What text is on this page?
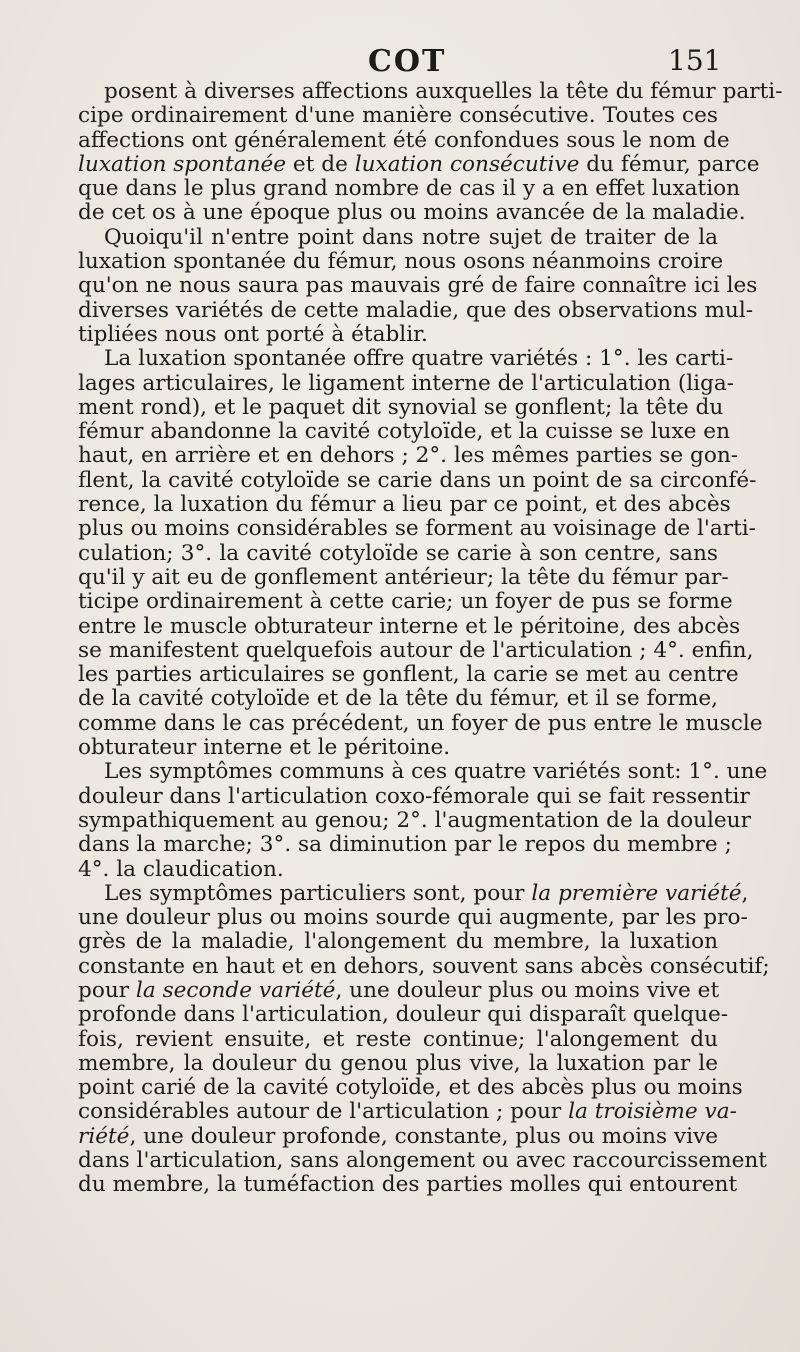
COT	151
posent à diverses affections auxquelles la tête du fémur parti-
cipe ordinairement d'une manière consécutive. Toutes ces
affections ont généralement été confondues sous le nom de
luxation spontanée et de luxation consécutive du fémur, parce
que dans le plus grand nombre de cas il y a en effet luxation
de cet os à une époque plus ou moins avancée de la maladie.
Quoiqu'il n'entre point dans notre sujet de traiter de la
luxation spontanée du fémur, nous osons néanmoins croire
qu'on ne nous saura pas mauvais gré de faire connaître ici les
diverses variétés de cette maladie, que des observations mul-
tipliées nous ont porté à établir.
La luxation spontanée offre quatre variétés : 1°. les carti-
lages articulaires, le ligament interne de l'articulation (liga-
ment rond), et le paquet dit synovial se gonflent; la tête du
fémur abandonne la cavité cotyloïde, et la cuisse se luxe en
haut, en arrière et en dehors ; 2°. les mêmes parties se gon-
flent, la cavité cotyloïde se carie dans un point de sa circonfé-
rence, la luxation du fémur a lieu par ce point, et des abcès
plus ou moins considérables se forment au voisinage de l'arti-
culation; 3°. la cavité cotyloïde se carie à son centre, sans
qu'il y ait eu de gonflement antérieur; la tête du fémur par-
ticipe ordinairement à cette carie; un foyer de pus se forme
entre le muscle obturateur interne et le péritoine, des abcès
se manifestent quelquefois autour de l'articulation ; 4°. enfin,
les parties articulaires se gonflent, la carie se met au centre
de la cavité cotyloïde et de la tête du fémur, et il se forme,
comme dans le cas précédent, un foyer de pus entre le muscle
obturateur interne et le péritoine.
Les symptômes communs à ces quatre variétés sont: 1°. une
douleur dans l'articulation coxo-fémorale qui se fait ressentir
sympathiquement au genou; 2°. l'augmentation de la douleur
dans la marche; 3°. sa diminution par le repos du membre ;
4°. la claudication.
Les symptômes particuliers sont, pour la première variété,
une douleur plus ou moins sourde qui augmente, par les pro-
grès de la maladie, l'alongement du membre, la luxation
constante en haut et en dehors, souvent sans abcès consécutif;
pour la seconde variété, une douleur plus ou moins vive et
profonde dans l'articulation, douleur qui disparaît quelque-
fois, revient ensuite, et reste continue; l'alongement du
membre, la douleur du genou plus vive, la luxation par le
point carié de la cavité cotyloïde, et des abcès plus ou moins
considérables autour de l'articulation ; pour la troisième va-
riété, une douleur profonde, constante, plus ou moins vive
dans l'articulation, sans alongement ou avec raccourcissement
du membre, la tuméfaction des parties molles qui entourent
